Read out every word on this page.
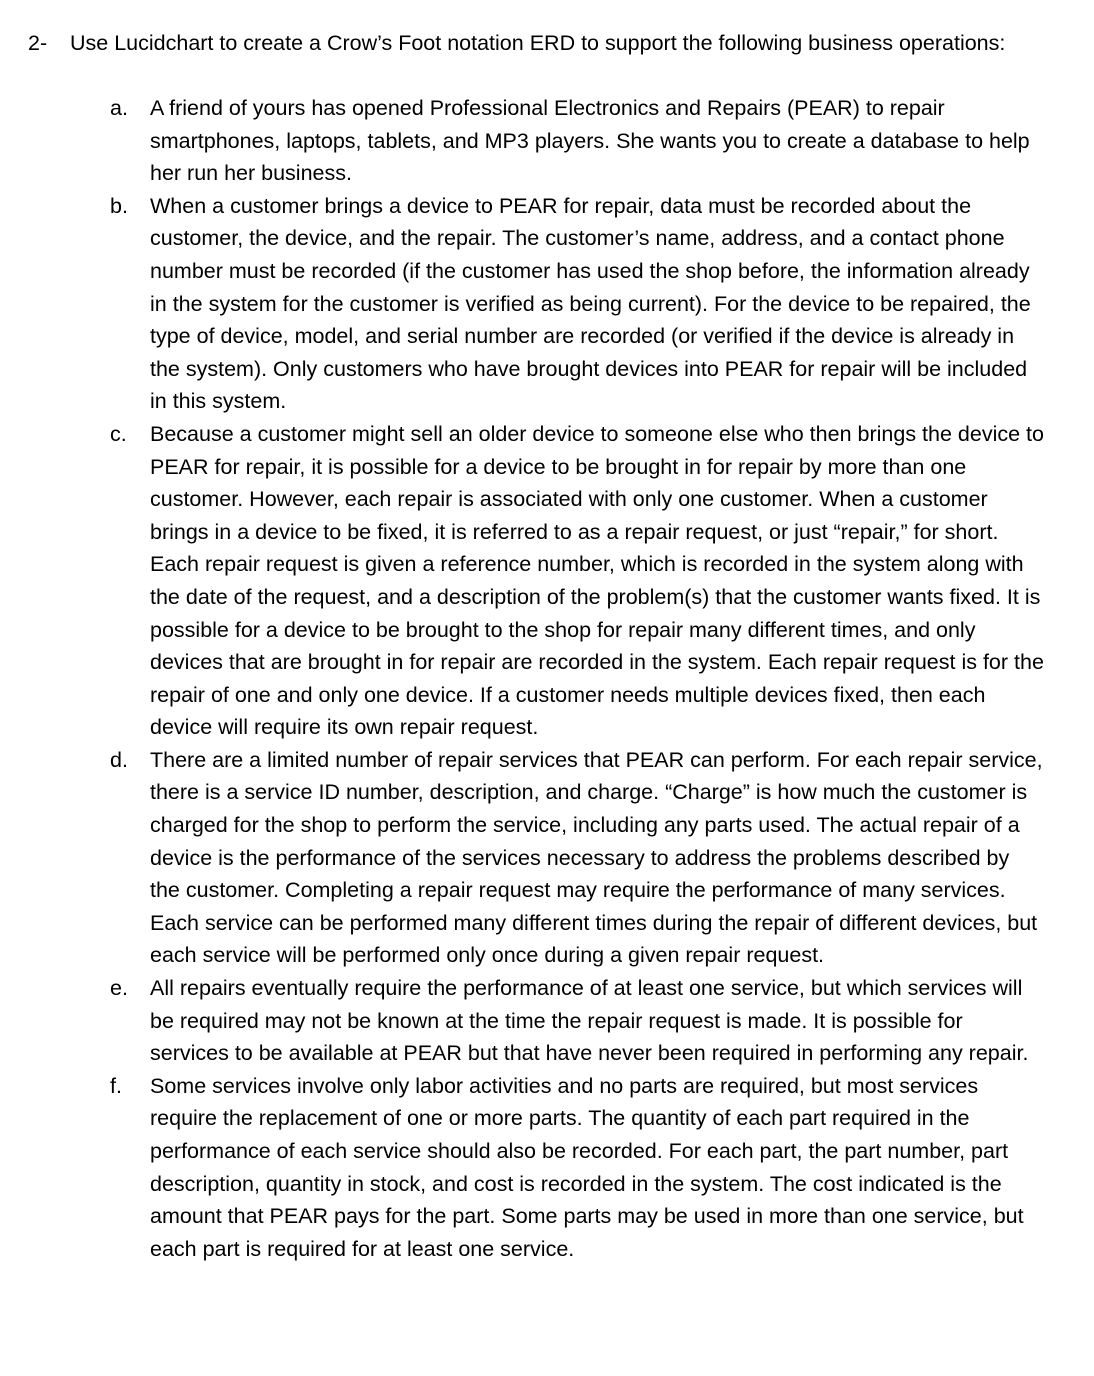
2-	Use Lucidchart to create a Crow’s Foot notation ERD to support the following business operations:
a. A friend of yours has opened Professional Electronics and Repairs (PEAR) to repair smartphones, laptops, tablets, and MP3 players. She wants you to create a database to help her run her business.
b. When a customer brings a device to PEAR for repair, data must be recorded about the customer, the device, and the repair. The customer’s name, address, and a contact phone number must be recorded (if the customer has used the shop before, the information already in the system for the customer is verified as being current). For the device to be repaired, the type of device, model, and serial number are recorded (or verified if the device is already in the system). Only customers who have brought devices into PEAR for repair will be included in this system.
c. Because a customer might sell an older device to someone else who then brings the device to PEAR for repair, it is possible for a device to be brought in for repair by more than one customer. However, each repair is associated with only one customer. When a customer brings in a device to be fixed, it is referred to as a repair request, or just “repair,” for short. Each repair request is given a reference number, which is recorded in the system along with the date of the request, and a description of the problem(s) that the customer wants fixed. It is possible for a device to be brought to the shop for repair many different times, and only devices that are brought in for repair are recorded in the system. Each repair request is for the repair of one and only one device. If a customer needs multiple devices fixed, then each device will require its own repair request.
d. There are a limited number of repair services that PEAR can perform. For each repair service, there is a service ID number, description, and charge. “Charge” is how much the customer is charged for the shop to perform the service, including any parts used. The actual repair of a device is the performance of the services necessary to address the problems described by the customer. Completing a repair request may require the performance of many services. Each service can be performed many different times during the repair of different devices, but each service will be performed only once during a given repair request.
e. All repairs eventually require the performance of at least one service, but which services will be required may not be known at the time the repair request is made. It is possible for services to be available at PEAR but that have never been required in performing any repair.
f. Some services involve only labor activities and no parts are required, but most services require the replacement of one or more parts. The quantity of each part required in the performance of each service should also be recorded. For each part, the part number, part description, quantity in stock, and cost is recorded in the system. The cost indicated is the amount that PEAR pays for the part. Some parts may be used in more than one service, but each part is required for at least one service.
